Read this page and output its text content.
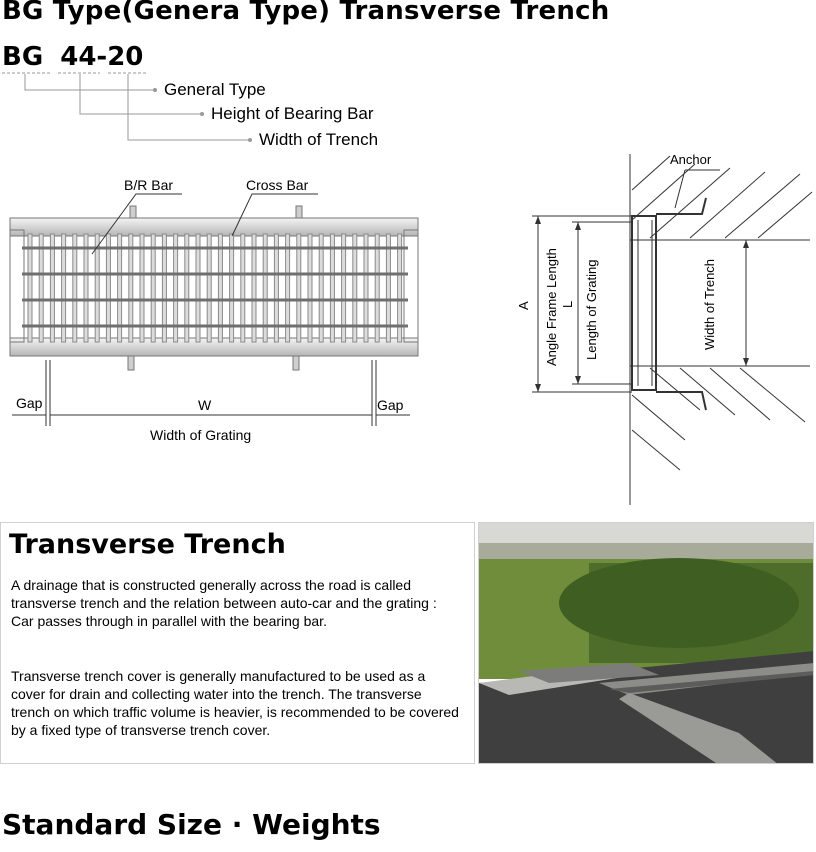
BG Type(Genera Type) Transverse Trench
BG 44-20
General Type
Height of Bearing Bar
Width of Trench
B/R Bar	Cross Bar
Gap	W	Gap
Width of Grating
Anchor
A Angle Frame Length L Length of Grating	Width of Trench
Transverse Trench

A drainage that is constructed generally across the road is called transverse trench and the relation between auto-car and the grating : Car passes through in parallel with the bearing bar.

Transverse trench cover is generally manufactured to be used as a cover for drain and collecting water into the trench. The transverse trench on which traffic volume is heavier, is recommended to be covered by a fixed type of transverse trench cover.

Standard Size · Weights
